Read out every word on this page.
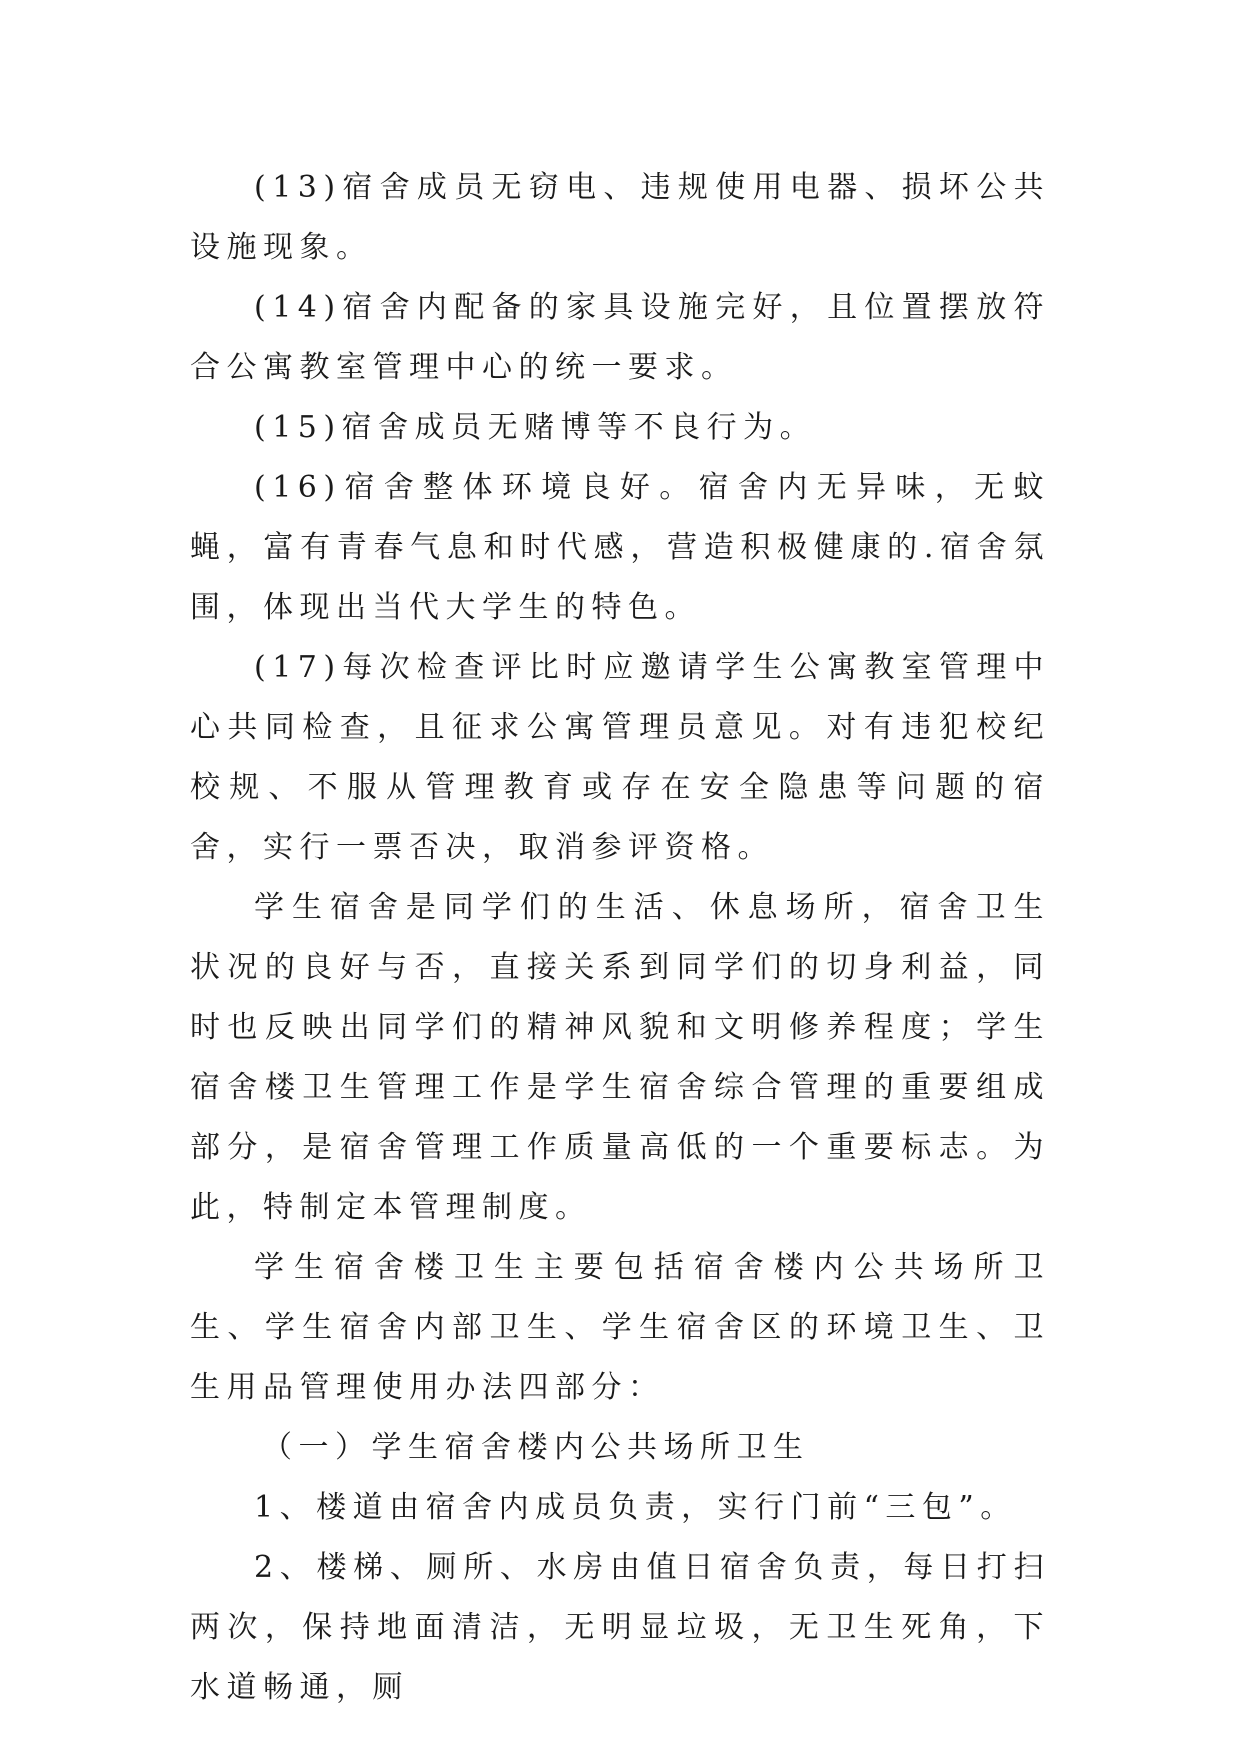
(13)宿舍成员无窃电、违规使用电器、损坏公共设施现象。

(14)宿舍内配备的家具设施完好，且位置摆放符合公寓教室管理中心的统一要求。

(15)宿舍成员无赌博等不良行为。

(16)宿舍整体环境良好。宿舍内无异味，无蚊蝇，富有青春气息和时代感，营造积极健康的.宿舍氛围，体现出当代大学生的特色。

(17)每次检查评比时应邀请学生公寓教室管理中心共同检查，且征求公寓管理员意见。对有违犯校纪校规、不服从管理教育或存在安全隐患等问题的宿舍，实行一票否决，取消参评资格。

学生宿舍是同学们的生活、休息场所，宿舍卫生状况的良好与否，直接关系到同学们的切身利益，同时也反映出同学们的精神风貌和文明修养程度；学生宿舍楼卫生管理工作是学生宿舍综合管理的重要组成部分，是宿舍管理工作质量高低的一个重要标志。为此，特制定本管理制度。

学生宿舍楼卫生主要包括宿舍楼内公共场所卫生、学生宿舍内部卫生、学生宿舍区的环境卫生、卫生用品管理使用办法四部分：

（一）学生宿舍楼内公共场所卫生

1、楼道由宿舍内成员负责，实行门前“三包”。

2、楼梯、厕所、水房由值日宿舍负责，每日打扫两次，保持地面清洁，无明显垃圾，无卫生死角，下水道畅通，厕
